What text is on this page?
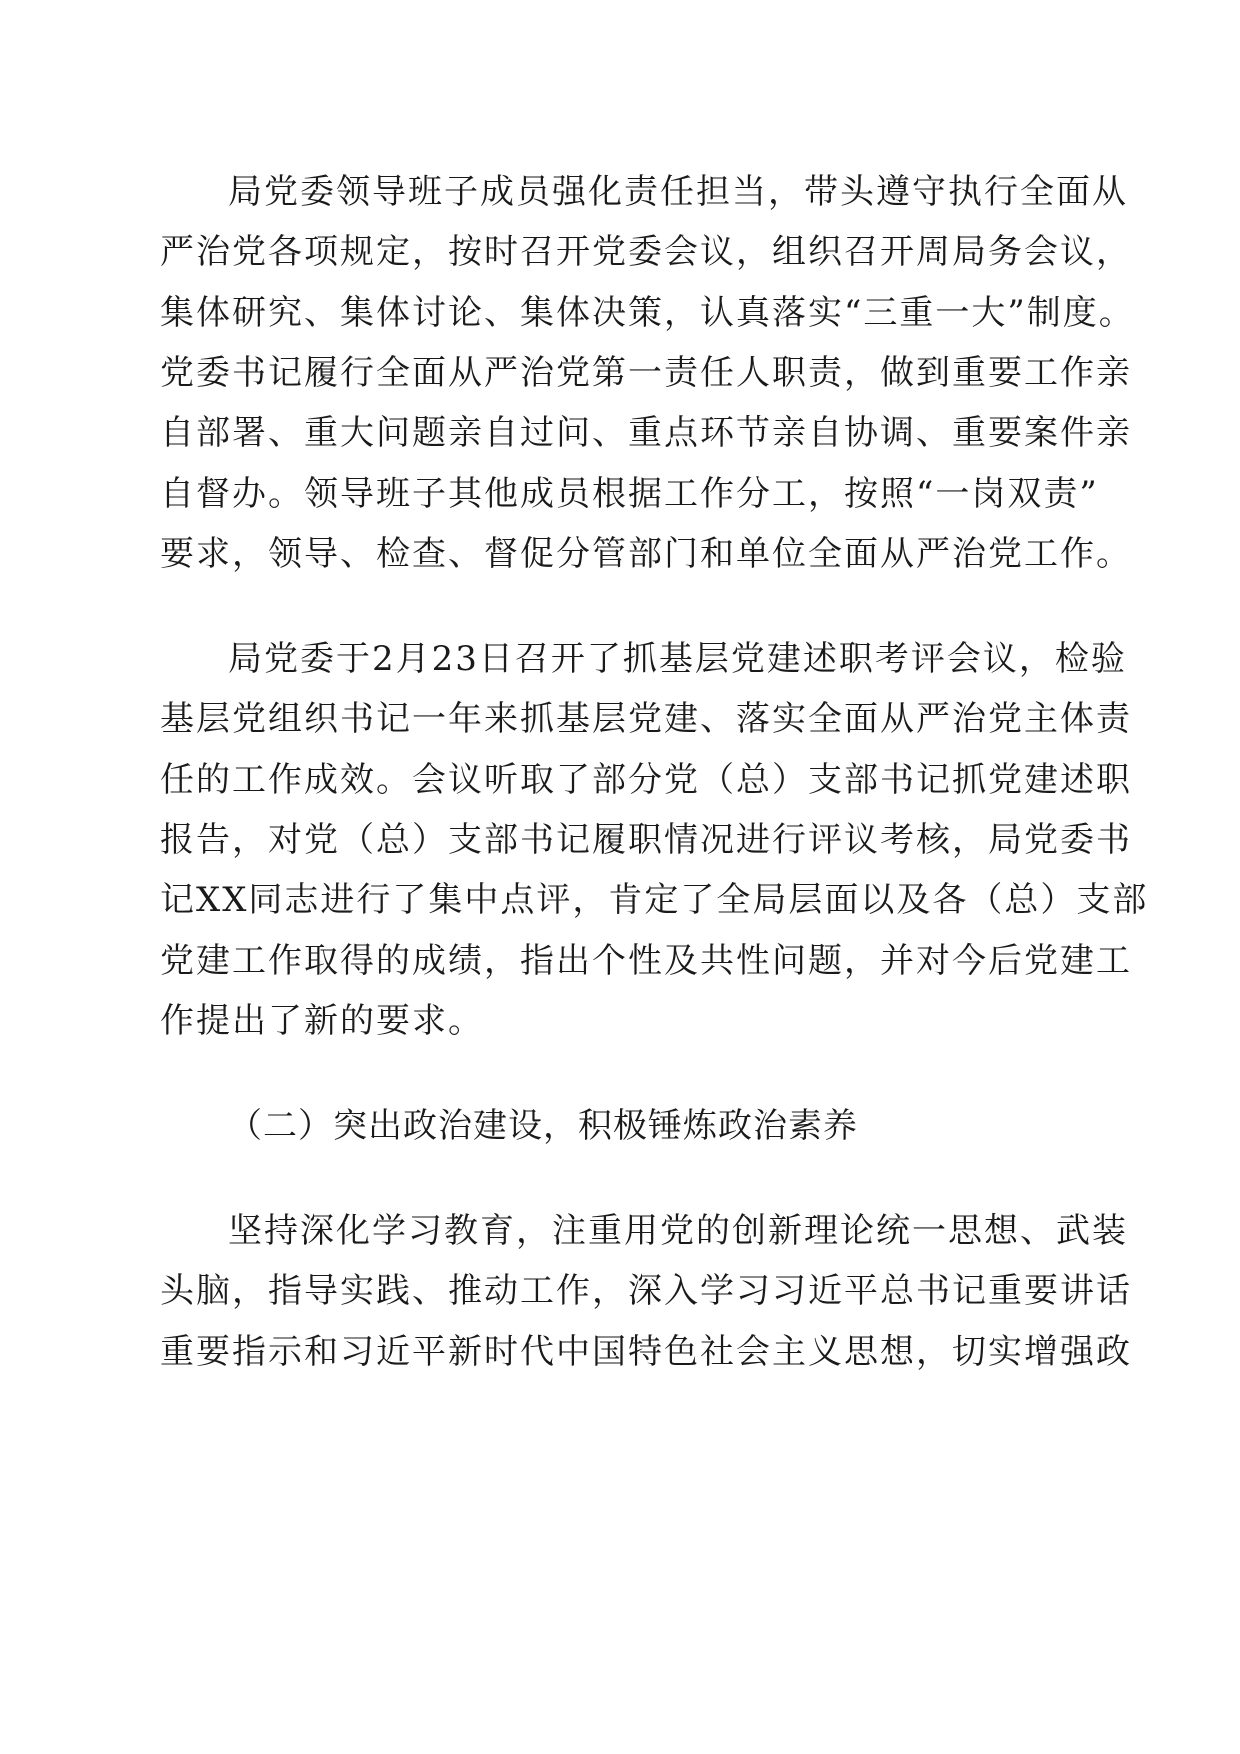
局党委领导班子成员强化责任担当，带头遵守执行全面从
严治党各项规定，按时召开党委会议，组织召开周局务会议，
集体研究、集体讨论、集体决策，认真落实“三重一大”制度。
党委书记履行全面从严治党第一责任人职责，做到重要工作亲
自部署、重大问题亲自过问、重点环节亲自协调、重要案件亲
自督办。领导班子其他成员根据工作分工，按照“一岗双责”
要求，领导、检查、督促分管部门和单位全面从严治党工作。
局党委于2月23日召开了抓基层党建述职考评会议，检验
基层党组织书记一年来抓基层党建、落实全面从严治党主体责
任的工作成效。会议听取了部分党（总）支部书记抓党建述职
报告，对党（总）支部书记履职情况进行评议考核，局党委书
记XX同志进行了集中点评，肯定了全局层面以及各（总）支部
党建工作取得的成绩，指出个性及共性问题，并对今后党建工
作提出了新的要求。
（二）突出政治建设，积极锤炼政治素养
坚持深化学习教育，注重用党的创新理论统一思想、武装
头脑，指导实践、推动工作，深入学习习近平总书记重要讲话
重要指示和习近平新时代中国特色社会主义思想，切实增强政
